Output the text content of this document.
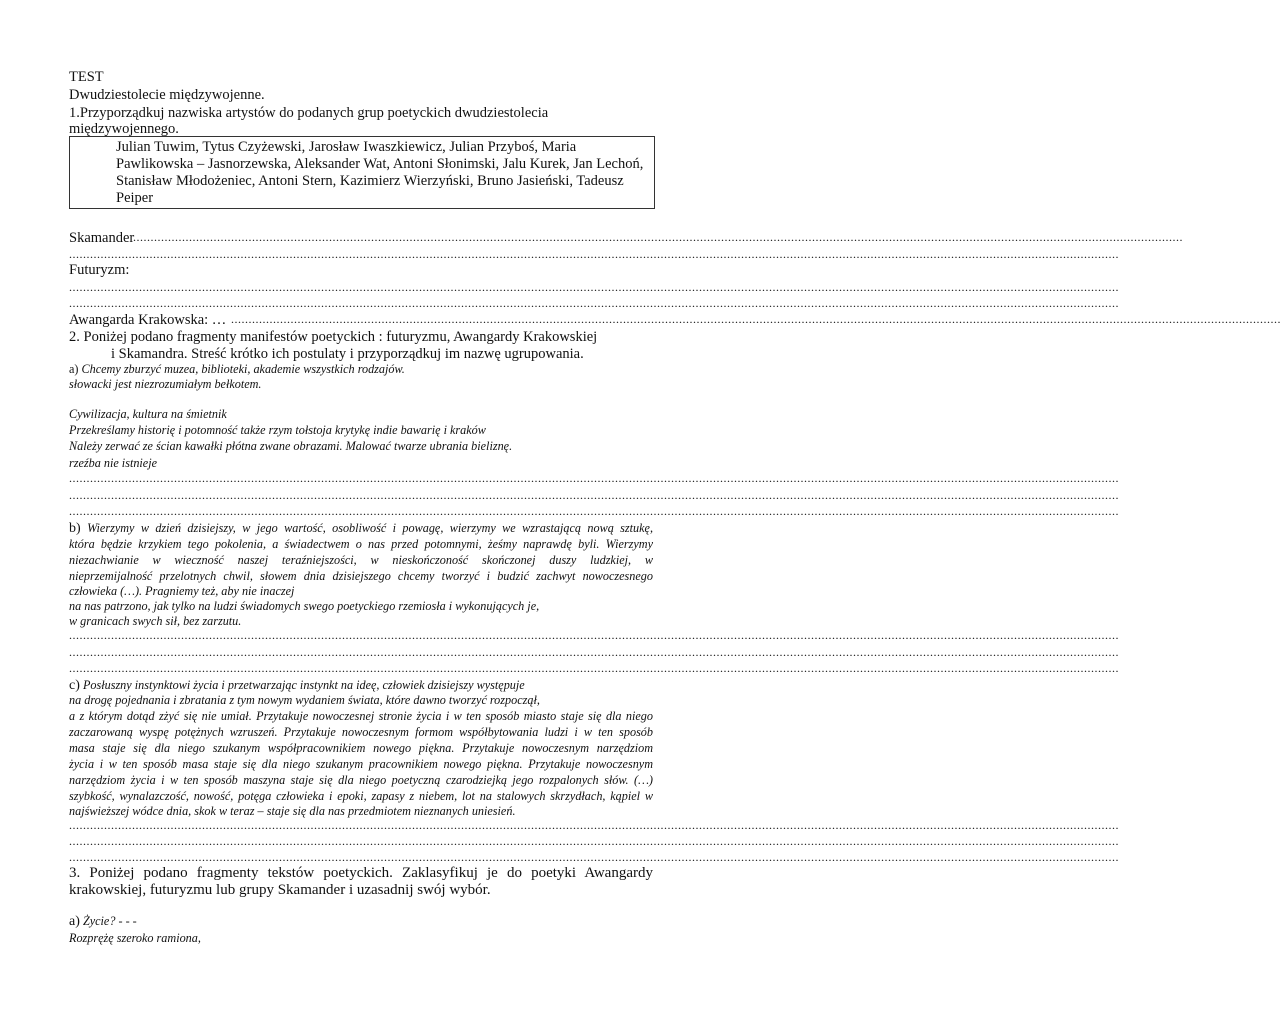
TEST
Dwudziestolecie międzywojenne.
1.Przyporządkuj nazwiska artystów do podanych grup poetyckich dwudziestolecia
międzywojennego.
Julian Tuwim, Tytus Czyżewski, Jarosław Iwaszkiewicz, Julian Przyboś, Maria
Pawlikowska – Jasnorzewska, Aleksander Wat, Antoni Słonimski, Jalu Kurek, Jan Lechoń,
Stanisław Młodożeniec, Antoni Stern, Kazimierz Wierzyński, Bruno Jasieński, Tadeusz
Peiper
Skamander
............................................................................................................................................................................................................................................................................................................
............................................................................................................................................................................................................................................................................................................
Futuryzm:
............................................................................................................................................................................................................................................................................................................
............................................................................................................................................................................................................................................................................................................
Awangarda Krakowska: … ............................................................................................................................................................................................................................................................................................................
2. Poniżej podano fragmenty manifestów poetyckich : futuryzmu, Awangardy Krakowskiej
i Skamandra. Streść krótko ich postulaty i przyporządkuj im nazwę ugrupowania.
a) Chcemy zburzyć muzea, biblioteki, akademie wszystkich rodzajów.
słowacki jest niezrozumiałym bełkotem.
Cywilizacja, kultura na śmietnik
Przekreślamy historię i potomność także rzym tołstoja krytykę indie bawarię i kraków
Należy zerwać ze ścian kawałki płótna zwane obrazami. Malować twarze ubrania bieliznę.
rzeźba nie istnieje
............................................................................................................................................................................................................................................................................................................
............................................................................................................................................................................................................................................................................................................
............................................................................................................................................................................................................................................................................................................
b) Wierzymy w dzień dzisiejszy, w jego wartość, osobliwość i powagę, wierzymy we wzrastającą nową sztukę,
która będzie krzykiem tego pokolenia, a świadectwem o nas przed potomnymi, żeśmy naprawdę byli. Wierzymy
niezachwianie w wieczność naszej teraźniejszości, w nieskończoność skończonej duszy ludzkiej, w
nieprzemijalność przelotnych chwil, słowem dnia dzisiejszego chcemy tworzyć i budzić zachwyt nowoczesnego
człowieka (…). Pragniemy też, aby nie inaczej
na nas patrzono, jak tylko na ludzi świadomych swego poetyckiego rzemiosła i wykonujących je,
w granicach swych sił, bez zarzutu.
............................................................................................................................................................................................................................................................................................................
............................................................................................................................................................................................................................................................................................................
............................................................................................................................................................................................................................................................................................................
c) Posłuszny instynktowi życia i przetwarzając instynkt na ideę, człowiek dzisiejszy występuje
na drogę pojednania i zbratania z tym nowym wydaniem świata, które dawno tworzyć rozpoczął,
a z którym dotąd zżyć się nie umiał. Przytakuje nowoczesnej stronie życia i w ten sposób miasto staje się dla niego
zaczarowaną wyspę potężnych wzruszeń. Przytakuje nowoczesnym formom współbytowania ludzi i w ten sposób
masa staje się dla niego szukanym współpracownikiem nowego piękna. Przytakuje nowoczesnym narzędziom
życia i w ten sposób masa staje się dla niego szukanym pracownikiem nowego piękna. Przytakuje nowoczesnym
narzędziom życia i w ten sposób maszyna staje się dla niego poetyczną czarodziejką jego rozpalonych słów. (…)
szybkość, wynalazczość, nowość, potęga człowieka i epoki, zapasy z niebem, lot na stalowych skrzydłach, kąpiel w
najświeższej wódce dnia, skok w teraz – staje się dla nas przedmiotem nieznanych uniesień.
............................................................................................................................................................................................................................................................................................................
............................................................................................................................................................................................................................................................................................................
............................................................................................................................................................................................................................................................................................................
3. Poniżej podano fragmenty tekstów poetyckich. Zaklasyfikuj je do poetyki Awangardy
krakowskiej, futuryzmu lub grupy Skamander i uzasadnij swój wybór.
a) Życie? - - -
Rozprężę szeroko ramiona,
